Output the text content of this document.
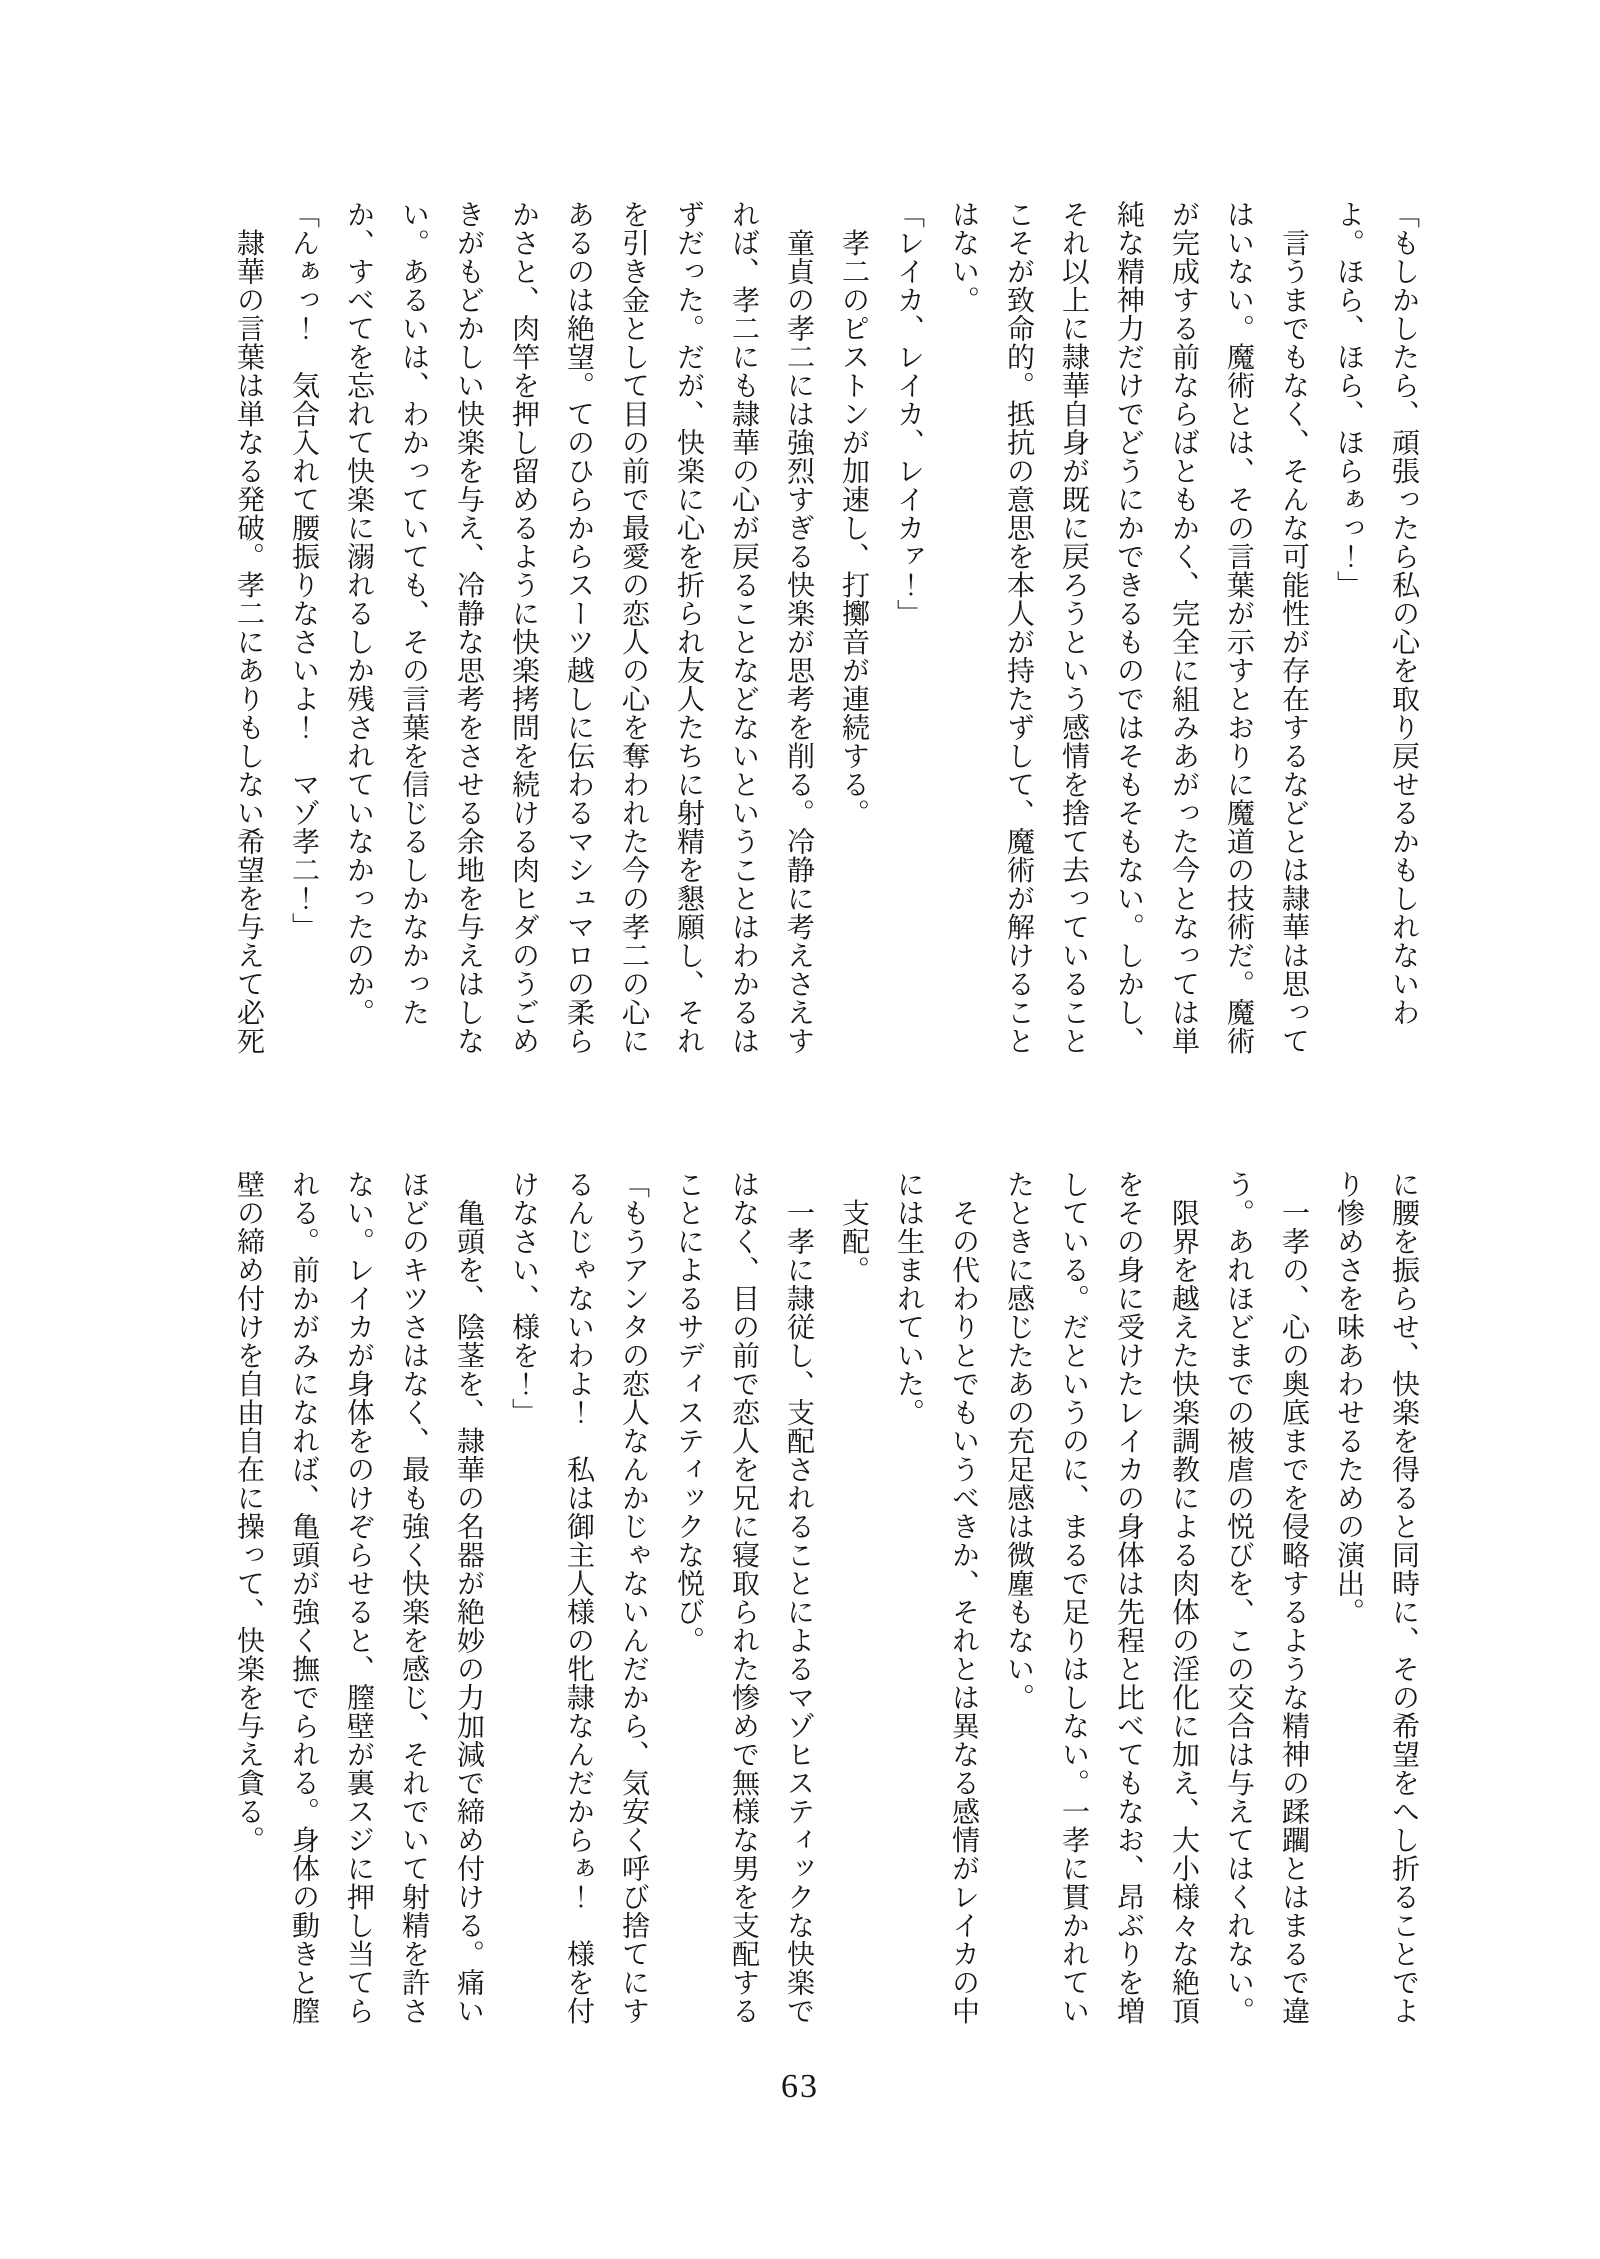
「もしかしたら、頑張ったら私の心を取り戻せるかもしれないわ
よ。ほら、ほら、ほらぁっ！」
　言うまでもなく、そんな可能性が存在するなどとは隷華は思って
はいない。魔術とは、その言葉が示すとおりに魔道の技術だ。魔術
が完成する前ならばともかく、完全に組みあがった今となっては単
純な精神力だけでどうにかできるものではそもそもない。しかし、
それ以上に隷華自身が既に戻ろうという感情を捨て去っていること
こそが致命的。抵抗の意思を本人が持たずして、魔術が解けること
はない。
「レイカ、レイカ、レイカァ！」
　孝二のピストンが加速し、打擲音が連続する。
　童貞の孝二には強烈すぎる快楽が思考を削る。冷静に考えさえす
れば、孝二にも隷華の心が戻ることなどないということはわかるは
ずだった。だが、快楽に心を折られ友人たちに射精を懇願し、それ
を引き金として目の前で最愛の恋人の心を奪われた今の孝二の心に
あるのは絶望。てのひらからスーツ越しに伝わるマシュマロの柔ら
かさと、肉竿を押し留めるように快楽拷問を続ける肉ヒダのうごめ
きがもどかしい快楽を与え、冷静な思考をさせる余地を与えはしな
い。あるいは、わかっていても、その言葉を信じるしかなかった
か、すべてを忘れて快楽に溺れるしか残されていなかったのか。
「んぁっ！　気合入れて腰振りなさいよ！　マゾ孝二！」
　隷華の言葉は単なる発破。孝二にありもしない希望を与えて必死
に腰を振らせ、快楽を得ると同時に、その希望をへし折ることでよ
り惨めさを味あわせるための演出。
　一孝の、心の奥底までを侵略するような精神の蹂躙とはまるで違
う。あれほどまでの被虐の悦びを、この交合は与えてはくれない。
　限界を越えた快楽調教による肉体の淫化に加え、大小様々な絶頂
をその身に受けたレイカの身体は先程と比べてもなお、昂ぶりを増
している。だというのに、まるで足りはしない。一孝に貫かれてい
たときに感じたあの充足感は微塵もない。
　その代わりとでもいうべきか、それとは異なる感情がレイカの中
には生まれていた。
　支配。
　一孝に隷従し、支配されることによるマゾヒスティックな快楽で
はなく、目の前で恋人を兄に寝取られた惨めで無様な男を支配する
ことによるサディスティックな悦び。
「もうアンタの恋人なんかじゃないんだから、気安く呼び捨てにす
るんじゃないわよ！　私は御主人様の牝隷なんだからぁ！　様を付
けなさい、様を！」
　亀頭を、陰茎を、隷華の名器が絶妙の力加減で締め付ける。痛い
ほどのキツさはなく、最も強く快楽を感じ、それでいて射精を許さ
ない。レイカが身体をのけぞらせると、膣壁が裏スジに押し当てら
れる。前かがみになれば、亀頭が強く撫でられる。身体の動きと膣
壁の締め付けを自由自在に操って、快楽を与え貪る。
63
